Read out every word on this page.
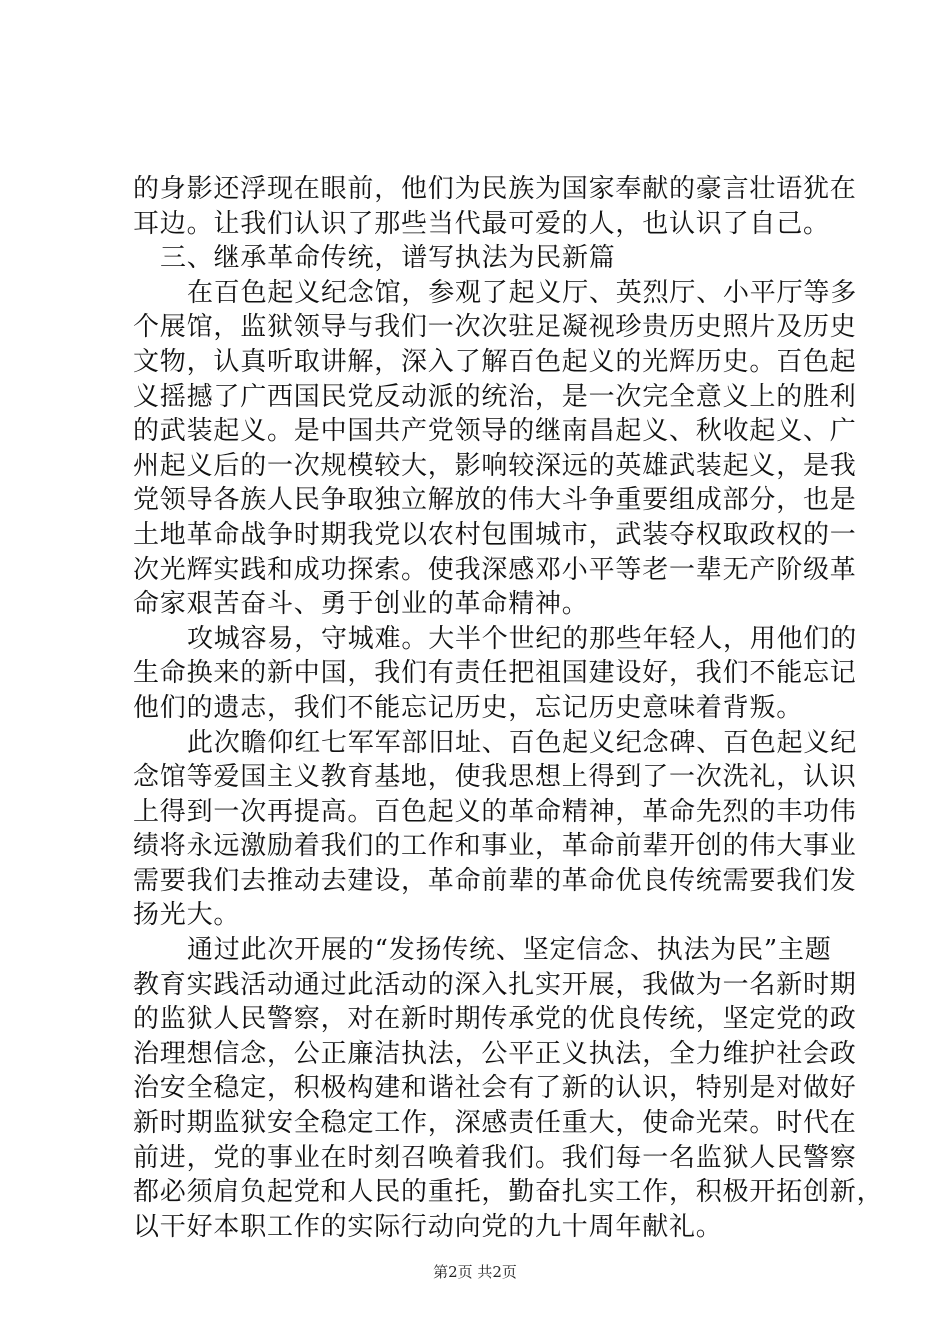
的身影还浮现在眼前，他们为民族为国家奉献的豪言壮语犹在
耳边。让我们认识了那些当代最可爱的人，也认识了自己。
三、继承革命传统，谱写执法为民新篇
在百色起义纪念馆，参观了起义厅、英烈厅、小平厅等多
个展馆，监狱领导与我们一次次驻足凝视珍贵历史照片及历史
文物，认真听取讲解，深入了解百色起义的光辉历史。百色起
义摇撼了广西国民党反动派的统治，是一次完全意义上的胜利
的武装起义。是中国共产党领导的继南昌起义、秋收起义、广
州起义后的一次规模较大，影响较深远的英雄武装起义，是我
党领导各族人民争取独立解放的伟大斗争重要组成部分，也是
土地革命战争时期我党以农村包围城市，武装夺权取政权的一
次光辉实践和成功探索。使我深感邓小平等老一辈无产阶级革
命家艰苦奋斗、勇于创业的革命精神。
攻城容易，守城难。大半个世纪的那些年轻人，用他们的
生命换来的新中国，我们有责任把祖国建设好，我们不能忘记
他们的遗志，我们不能忘记历史，忘记历史意味着背叛。
此次瞻仰红七军军部旧址、百色起义纪念碑、百色起义纪
念馆等爱国主义教育基地，使我思想上得到了一次洗礼，认识
上得到一次再提高。百色起义的革命精神，革命先烈的丰功伟
绩将永远激励着我们的工作和事业，革命前辈开创的伟大事业
需要我们去推动去建设，革命前辈的革命优良传统需要我们发
扬光大。
通过此次开展的“发扬传统、坚定信念、执法为民”主题
教育实践活动通过此活动的深入扎实开展，我做为一名新时期
的监狱人民警察，对在新时期传承党的优良传统，坚定党的政
治理想信念，公正廉洁执法，公平正义执法，全力维护社会政
治安全稳定，积极构建和谐社会有了新的认识，特别是对做好
新时期监狱安全稳定工作，深感责任重大，使命光荣。时代在
前进，党的事业在时刻召唤着我们。我们每一名监狱人民警察
都必须肩负起党和人民的重托，勤奋扎实工作，积极开拓创新，
以干好本职工作的实际行动向党的九十周年献礼。
第2页 共2页
